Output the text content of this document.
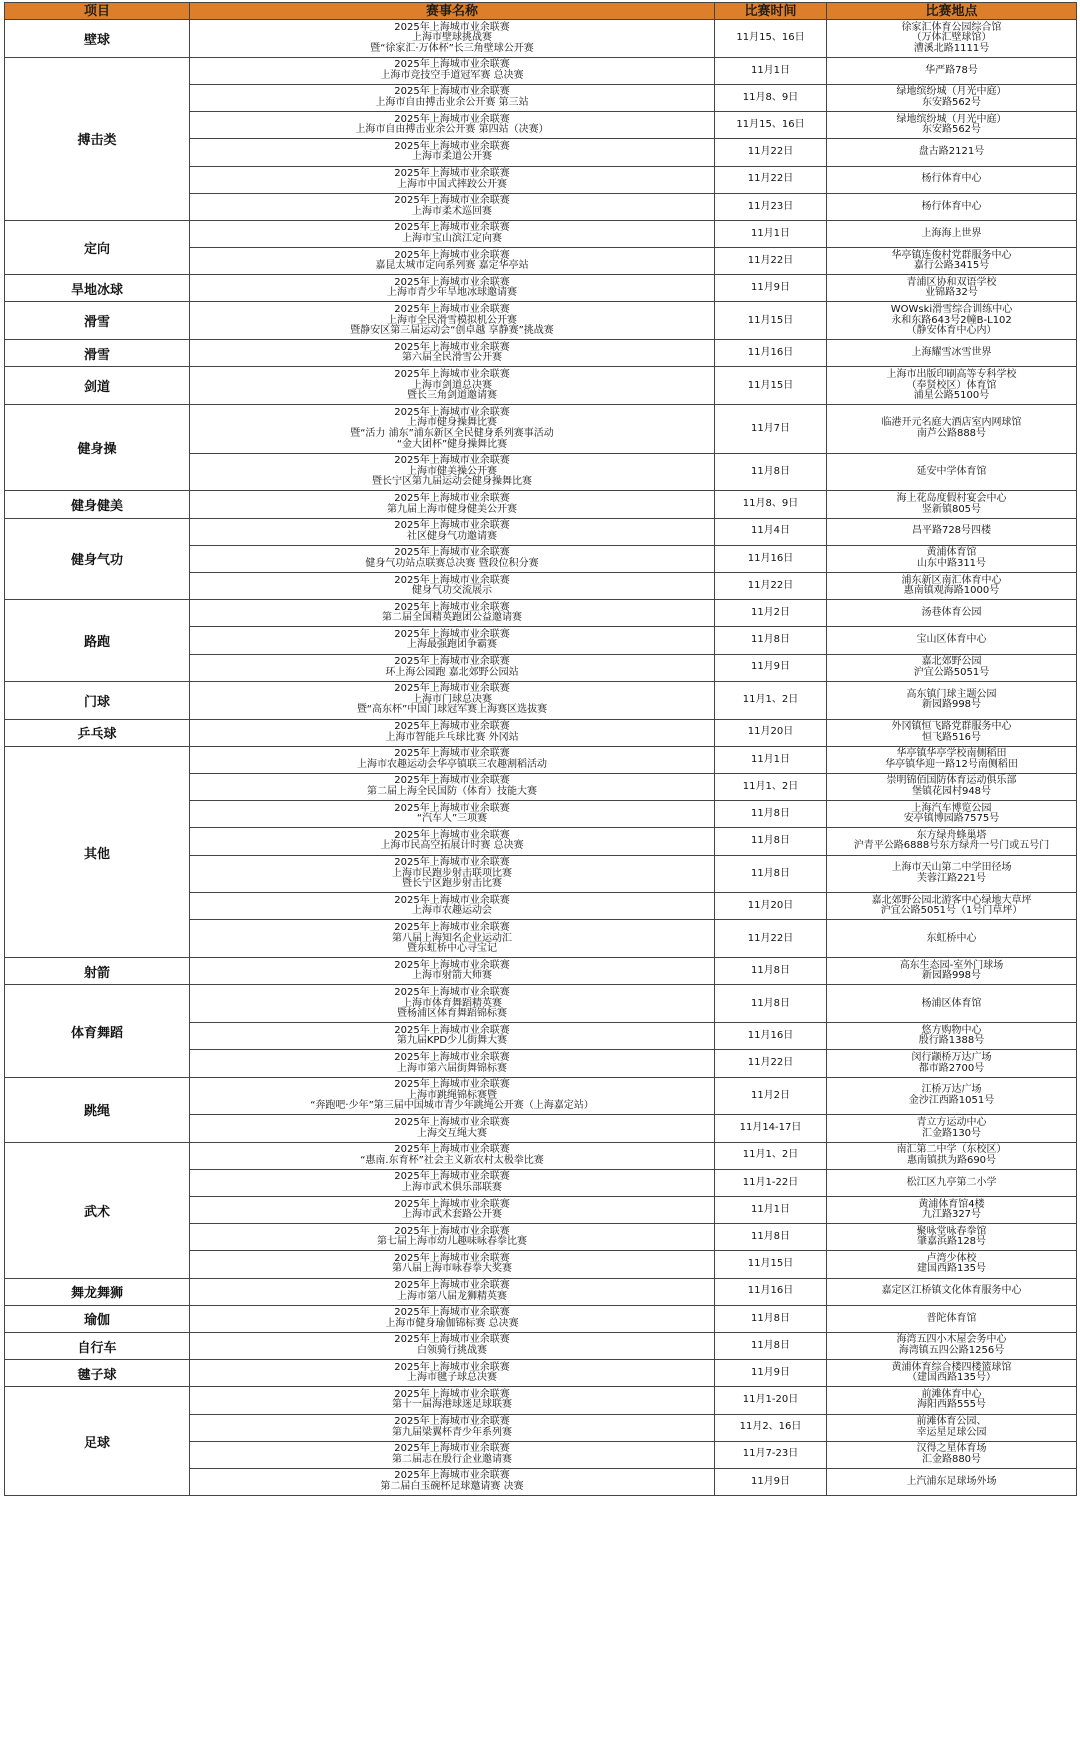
项目	赛事名称	比赛时间	比赛地点
壁球	2025年上海城市业余联赛
上海市壁球挑战赛
暨“徐家汇·万体杯”长三角壁球公开赛	11月15、16日	徐家汇体育公园综合馆
（万体汇壁球馆）
漕溪北路1111号

搏击类	2025年上海城市业余联赛
上海市竞技空手道冠军赛 总决赛	11月1日	华严路78号

	2025年上海城市业余联赛
上海市自由搏击业余公开赛 第三站	11月8、9日	绿地缤纷城（月光中庭）
东安路562号

	2025年上海城市业余联赛
上海市自由搏击业余公开赛 第四站（决赛）	11月15、16日	绿地缤纷城（月光中庭）
东安路562号

	2025年上海城市业余联赛
上海市柔道公开赛	11月22日	盘古路2121号

	2025年上海城市业余联赛
上海市中国式摔跤公开赛	11月22日	杨行体育中心

	2025年上海城市业余联赛
上海市柔术巡回赛	11月23日	杨行体育中心

定向	2025年上海城市业余联赛
上海市宝山滨江定向赛	11月1日	上海海上世界

	2025年上海城市业余联赛
嘉昆太城市定向系列赛 嘉定华亭站	11月22日	华亭镇连俊村党群服务中心
嘉行公路3415号

旱地冰球	2025年上海城市业余联赛
上海市青少年旱地冰球邀请赛	11月9日	青浦区协和双语学校
业锦路32号

滑雪	2025年上海城市业余联赛
上海市全民滑雪模拟机公开赛
暨静安区第三届运动会“创卓越 享静赛”挑战赛	11月15日	WOWski滑雪综合训练中心
永和东路643号2幢B-L102
（静安体育中心内）

滑雪	2025年上海城市业余联赛
第六届全民滑雪公开赛	11月16日	上海耀雪冰雪世界

剑道	2025年上海城市业余联赛
上海市剑道总决赛
暨长三角剑道邀请赛	11月15日	上海市出版印刷高等专科学校
（奉贤校区）体育馆
浦星公路5100号

健身操	2025年上海城市业余联赛
上海市健身操舞比赛
暨“活力 浦东”浦东新区全民健身系列赛事活动
“金大团杯”健身操舞比赛	11月7日	临港开元名庭大酒店室内网球馆
南芦公路888号

	2025年上海城市业余联赛
上海市健美操公开赛
暨长宁区第九届运动会健身操舞比赛	11月8日	延安中学体育馆

健身健美	2025年上海城市业余联赛
第九届上海市健身健美公开赛	11月8、9日	海上花岛度假村宴会中心
竖新镇805号

健身气功	2025年上海城市业余联赛
社区健身气功邀请赛	11月4日	昌平路728号四楼

	2025年上海城市业余联赛
健身气功站点联赛总决赛 暨段位积分赛	11月16日	黄浦体育馆
山东中路311号

	2025年上海城市业余联赛
健身气功交流展示	11月22日	浦东新区南汇体育中心
惠南镇观海路1000号

路跑	2025年上海城市业余联赛
第二届全国精英跑团公益邀请赛	11月2日	汤巷体育公园

	2025年上海城市业余联赛
上海最强跑团争霸赛	11月8日	宝山区体育中心

	2025年上海城市业余联赛
环上海公园跑 嘉北郊野公园站	11月9日	嘉北郊野公园
沪宜公路5051号

门球	2025年上海城市业余联赛
上海市门球总决赛
暨“高东杯”中国门球冠军赛上海赛区选拔赛	11月1、2日	高东镇门球主题公园
新园路998号

乒乓球	2025年上海城市业余联赛
上海市智能乒乓球比赛 外冈站	11月20日	外冈镇恒飞路党群服务中心
恒飞路516号

其他	2025年上海城市业余联赛
上海市农趣运动会华亭镇联三农趣割稻活动	11月1日	华亭镇华亭学校南侧稻田
华亭镇华迎一路12号南侧稻田

	2025年上海城市业余联赛
第二届上海全民国防（体育）技能大赛	11月1、2日	崇明锦佰国防体育运动俱乐部
堡镇花园村948号

	2025年上海城市业余联赛
“汽车人”三项赛	11月8日	上海汽车博览公园
安亭镇博园路7575号

	2025年上海城市业余联赛
上海市民高空拓展计时赛 总决赛	11月8日	东方绿舟蜂巢塔
沪青平公路6888号东方绿舟一号门或五号门

	2025年上海城市业余联赛
上海市民跑步射击联项比赛
暨长宁区跑步射击比赛	11月8日	上海市天山第二中学田径场
芙蓉江路221号

	2025年上海城市业余联赛
上海市农趣运动会	11月20日	嘉北郊野公园北游客中心绿地大草坪
沪宜公路5051号（1号门草坪）

	2025年上海城市业余联赛
第八届上海知名企业运动汇
暨东虹桥中心寻宝记	11月22日	东虹桥中心

射箭	2025年上海城市业余联赛
上海市射箭大师赛	11月8日	高东生态园-室外门球场
新园路998号

体育舞蹈	2025年上海城市业余联赛
上海市体育舞蹈精英赛
暨杨浦区体育舞蹈锦标赛	11月8日	杨浦区体育馆

	2025年上海城市业余联赛
第九届KPD少儿街舞大赛	11月16日	悠方购物中心
殷行路1388号

	2025年上海城市业余联赛
上海市第六届街舞锦标赛	11月22日	闵行颛桥万达广场
都市路2700号

跳绳	2025年上海城市业余联赛
上海市跳绳锦标赛暨
“奔跑吧·少年”第三届中国城市青少年跳绳公开赛（上海嘉定站）	11月2日	江桥万达广场
金沙江西路1051号

	2025年上海城市业余联赛
上海交互绳大赛	11月14-17日	青立方运动中心
汇金路130号

武术	2025年上海城市业余联赛
“惠南.东育杯”社会主义新农村太极拳比赛	11月1、2日	南汇第二中学（东校区）
惠南镇拱为路690号

	2025年上海城市业余联赛
上海市武术俱乐部联赛	11月1-22日	松江区九亭第二小学

	2025年上海城市业余联赛
上海市武术套路公开赛	11月1日	黄浦体育馆4楼
九江路327号

	2025年上海城市业余联赛
第七届上海市幼儿趣味咏春拳比赛	11月8日	聚咏堂咏春拳馆
肇嘉浜路128号

	2025年上海城市业余联赛
第八届上海市咏春拳大奖赛	11月15日	卢湾少体校
建国西路135号

舞龙舞狮	2025年上海城市业余联赛
上海市第八届龙狮精英赛	11月16日	嘉定区江桥镇文化体育服务中心

瑜伽	2025年上海城市业余联赛
上海市健身瑜伽锦标赛 总决赛	11月8日	普陀体育馆

自行车	2025年上海城市业余联赛
白领骑行挑战赛	11月8日	海湾五四小木屋会务中心
海湾镇五四公路1256号

毽子球	2025年上海城市业余联赛
上海市毽子球总决赛	11月9日	黄浦体育综合楼四楼篮球馆
（建国西路135号）

足球	2025年上海城市业余联赛
第十一届海港球迷足球联赛	11月1-20日	前滩体育中心
海阳西路555号

	2025年上海城市业余联赛
第九届梁翼杯青少年系列赛	11月2、16日	前滩体育公园、
幸运星足球公园

	2025年上海城市业余联赛
第二届志在殷行企业邀请赛	11月7-23日	汉得之星体育场
汇金路880号

	2025年上海城市业余联赛
第二届白玉碗杯足球邀请赛 决赛	11月9日	上汽浦东足球场外场
